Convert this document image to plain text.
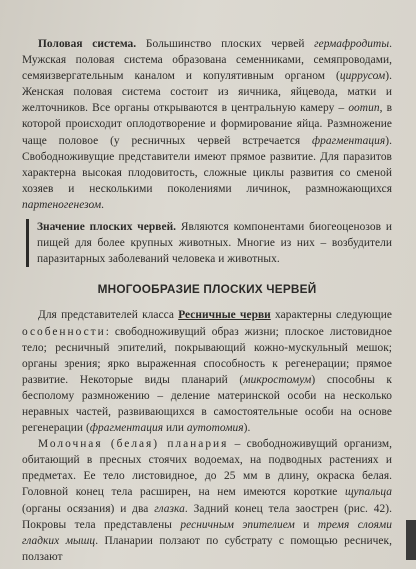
Половая система. Большинство плоских червей гермафродиты. Мужская половая система образована семенниками, семяпроводами, семяизвергательным каналом и копулятивным органом (циррусом). Женская половая система состоит из яичника, яйцевода, матки и желточников. Все органы открываются в центральную камеру – оотип, в которой происходит оплодотворение и формирование яйца. Размножение чаще половое (у ресничных червей встречается фрагментация). Свободноживущие представители имеют прямое развитие. Для паразитов характерна высокая плодовитость, сложные циклы развития со сменой хозяев и несколькими поколениями личинок, размножающихся партеногенезом.

Значение плоских червей. Являются компонентами биогеоценозов и пищей для более крупных животных. Многие из них – возбудители паразитарных заболеваний человека и животных.

МНОГООБРАЗИЕ ПЛОСКИХ ЧЕРВЕЙ

Для представителей класса Ресничные черви характерны следующие особенности: свободноживущий образ жизни; плоское листовидное тело; ресничный эпителий, покрывающий кожно-мускульный мешок; органы зрения; ярко выраженная способность к регенерации; прямое развитие. Некоторые виды планарий (микростомум) способны к бесполому размножению – деление материнской особи на несколько неравных частей, развивающихся в самостоятельные особи на основе регенерации (фрагментация или аутотомия).

Молочная (белая) планария – свободноживущий организм, обитающий в пресных стоячих водоемах, на подводных растениях и предметах. Ее тело листовидное, до 25 мм в длину, окраска белая. Головной конец тела расширен, на нем имеются короткие щупальца (органы осязания) и два глазка. Задний конец тела заострен (рис. 42). Покровы тела представлены ресничным эпителием и тремя слоями гладких мышц. Планарии ползают по субстрату с помощью ресничек, ползают
